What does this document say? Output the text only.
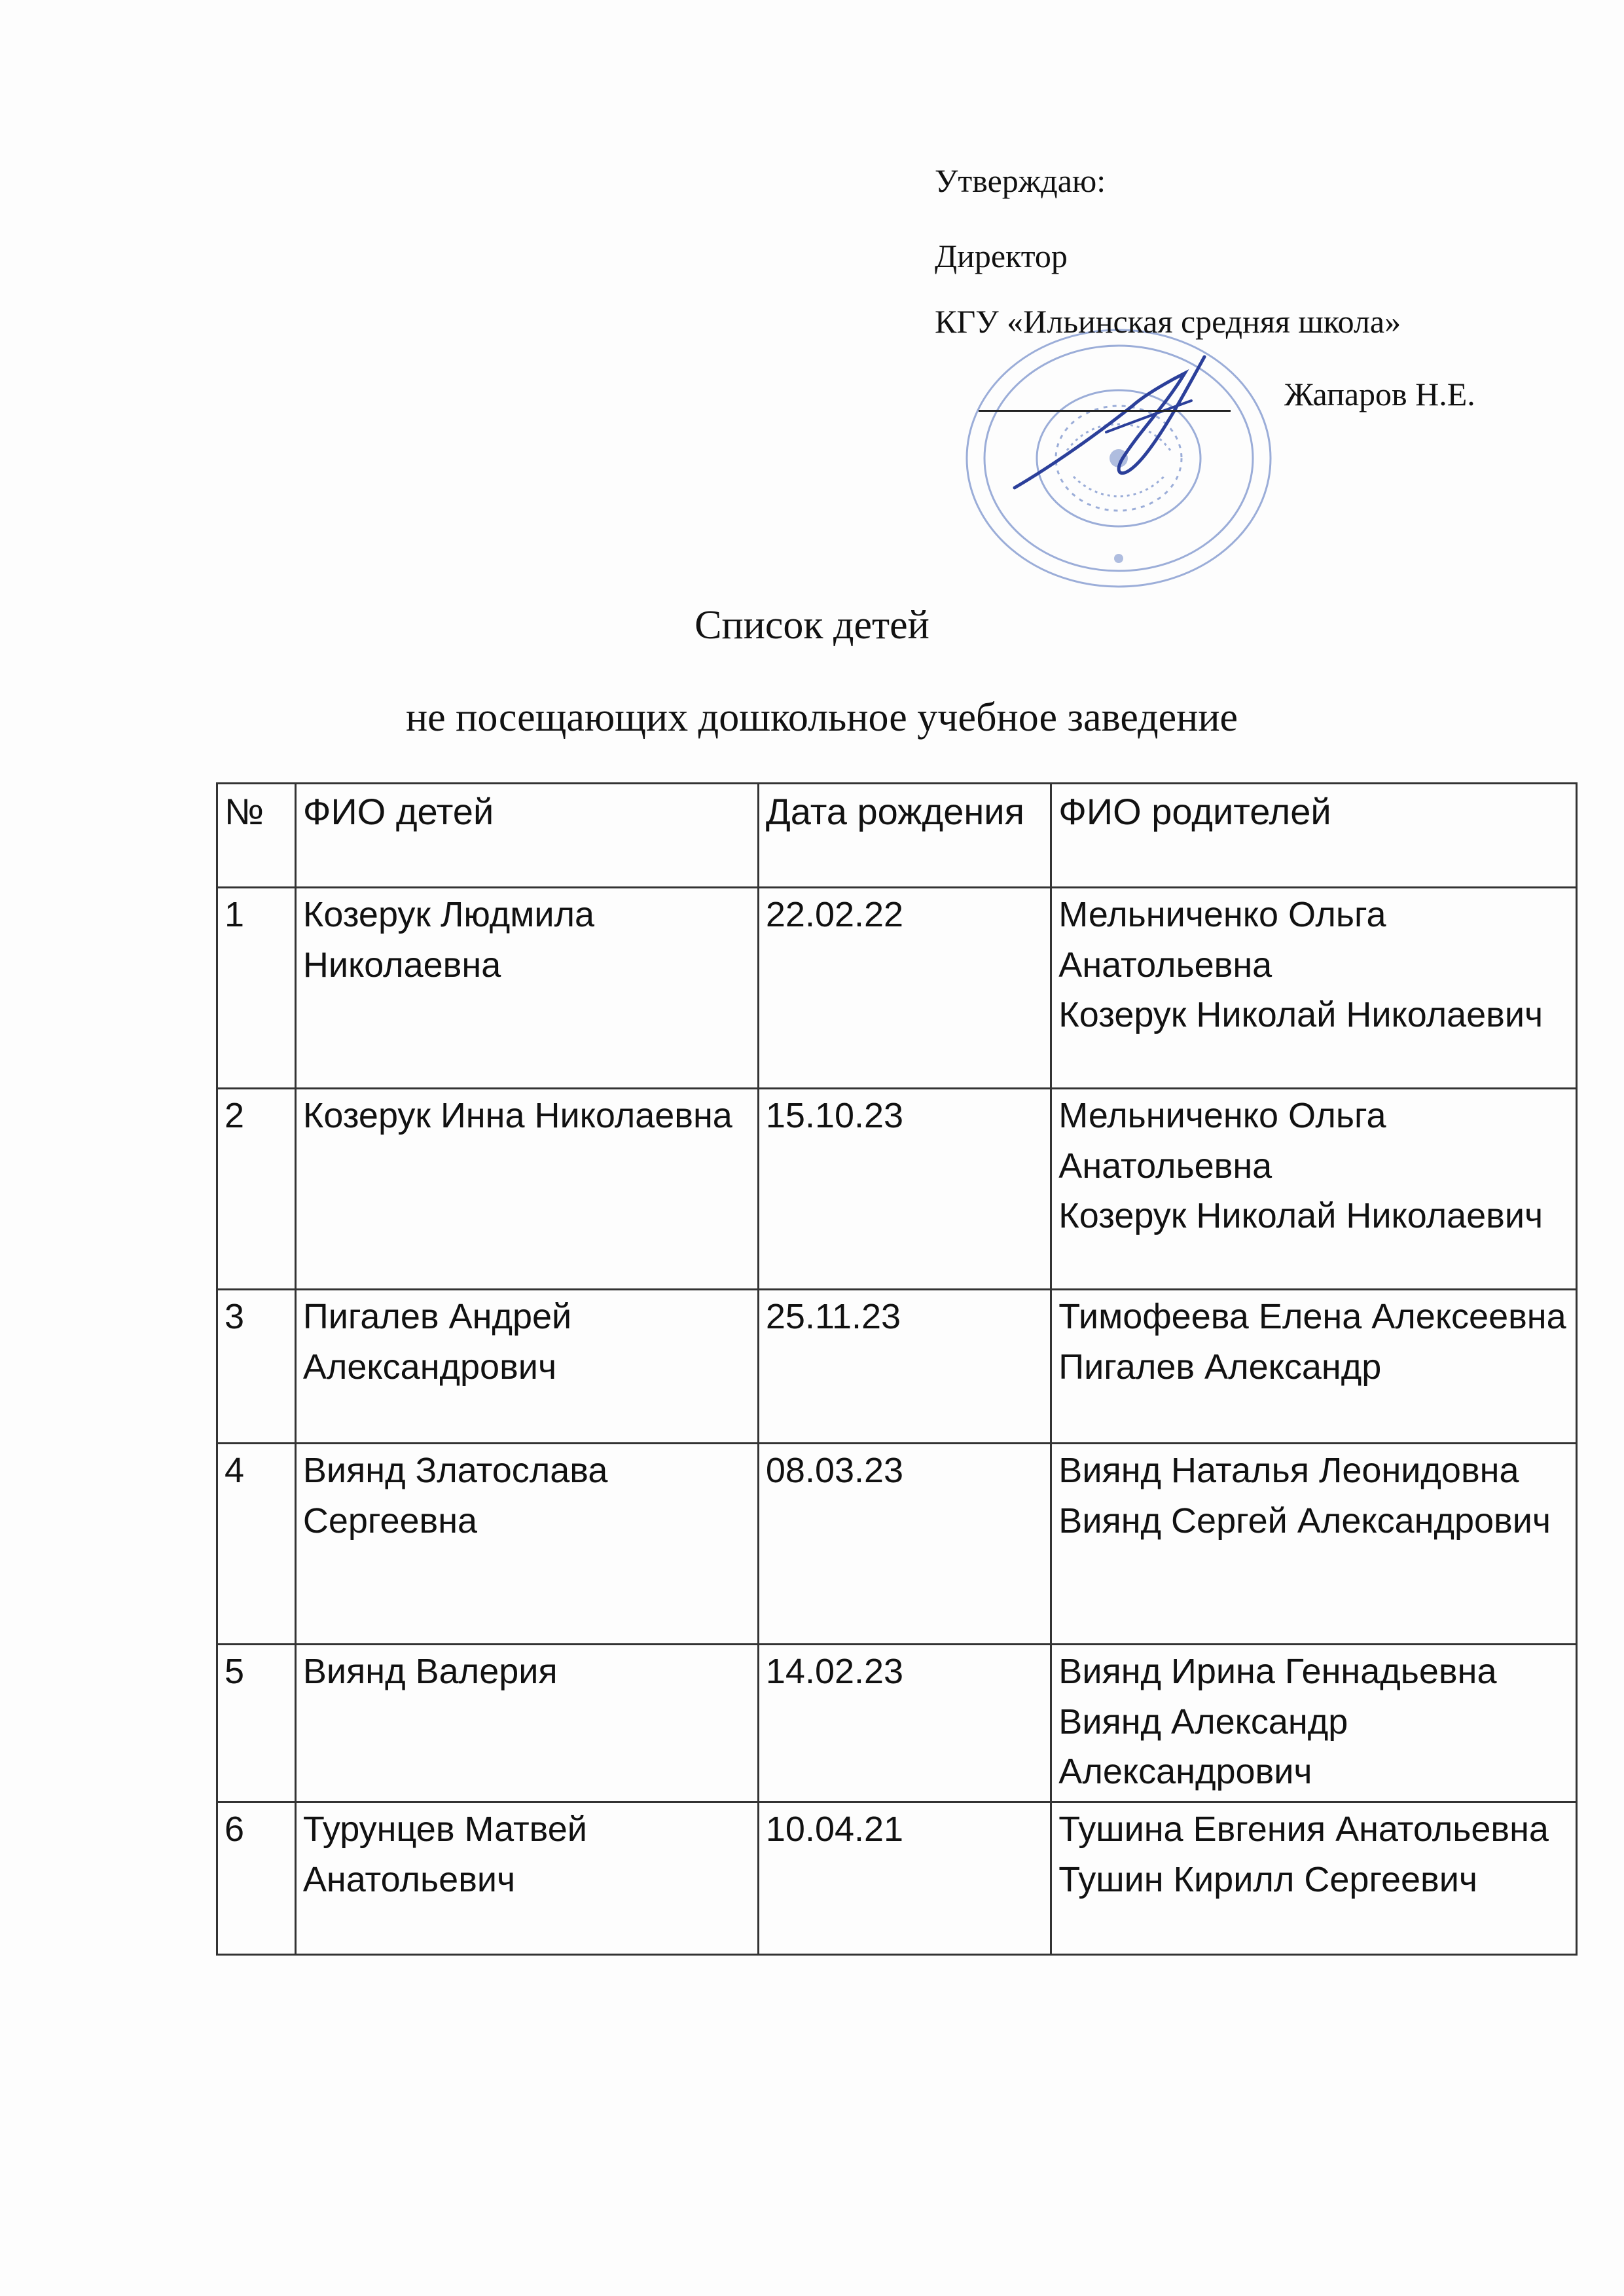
Утверждаю:
Директор
КГУ «Ильинская средняя школа»
Жапаров Н.Е.
Список детей
не посещающих дошкольное учебное заведение
№	ФИО детей	Дата рождения	ФИО родителей
1	Козерук Людмила Николаевна	22.02.22	Мельниченко Ольга Анатольевна
Козерук Николай Николаевич

2	Козерук Инна Николаевна	15.10.23	Мельниченко Ольга Анатольевна
Козерук Николай Николаевич

3	Пигалев Андрей Александрович	25.11.23	Тимофеева Елена Алексеевна
Пигалев Александр

4	Виянд Златослава Сергеевна	08.03.23	Виянд Наталья Леонидовна
Виянд Сергей Александрович

5	Виянд Валерия	14.02.23	Виянд Ирина Геннадьевна
Виянд Александр Александрович

6	Турунцев Матвей Анатольевич	10.04.21	Тушина Евгения Анатольевна
Тушин Кирилл Сергеевич
